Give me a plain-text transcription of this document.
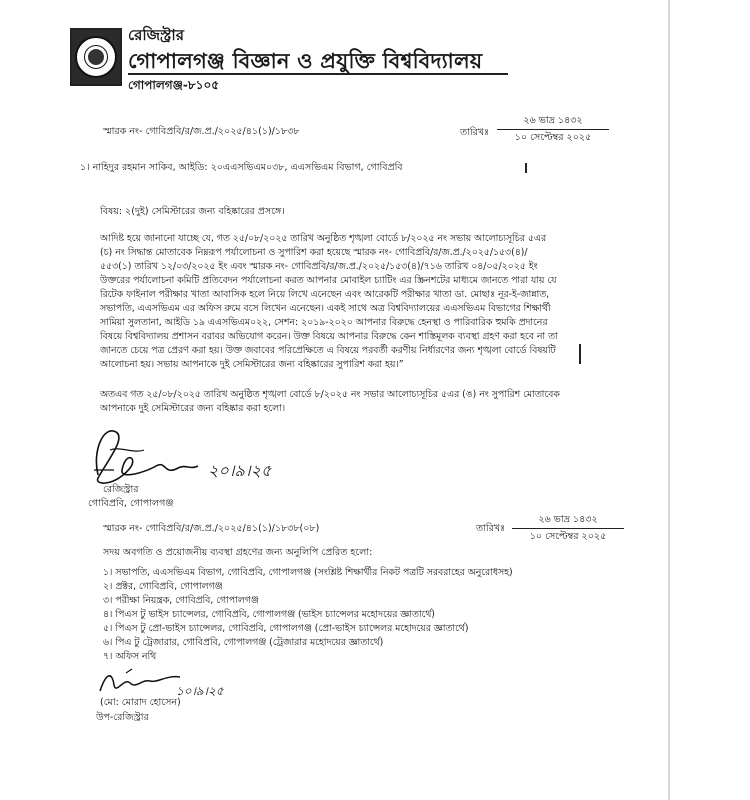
রেজিস্ট্রার
গোপালগঞ্জ বিজ্ঞান ও প্রযুক্তি বিশ্ববিদ্যালয়
গোপালগঞ্জ-৮১০৫
স্মারক নং- গোবিপ্রবি/র/জ.প্র./২০২৫/৪১(১)/১৮৩৮	তারিখঃ
২৬ ভাদ্র ১৪৩২
১০ সেপ্টেম্বর ২০২৫
১। নাহিদুর রহমান সাকিব, আইডি: ২০এএসভিএম০৩৮, এএসভিএম বিভাগ, গোবিপ্রবি
বিষয়: ২(দুই) সেমিস্টারের জন্য বহিষ্কারের প্রসঙ্গে।
আদিষ্ট হয়ে জানানো যাচ্ছে যে, গত ২৫/০৮/২০২৫ তারিখ অনুষ্ঠিত শৃঙ্খলা বোর্ডে ৮/২০২৫ নং সভায় আলোচ্যসূচির ৫এর
(চ) নং সিদ্ধান্ত মোতাবেক নিম্নরূপ পর্যালোচনা ও সুপারিশ করা হয়েছে স্মারক নং- গোবিপ্রবি/র/জ.প্র./২০২৫/১৫৩(৪)/
৫৫৩(১) তারিখ ১২/০৩/২০২৫ ইং এবং স্মারক নং- গোবিপ্রবি/র/জ.প্র./২০২৫/১৫৩(৪)/৭১৬ তারিখ ০৪/০৫/২০২৫ ইং
উক্তরের পর্যালোচনা কমিটি প্রতিবেদন পর্যালোচনা করত আপনার মোবাইল চ্যাটিং এর স্ক্রিনশটের মাধ্যমে জানতে পারা যায় যে
রিটেক ফাইনাল পরীক্ষার খাতা আবাসিক হলে নিয়ে লিখে এনেছেন এবং আরেকটি পরীক্ষার খাতা ডা. মোছাঃ নূর-ই-জান্নাত,
সভাপতি, এএসভিএম এর অফিস রুমে বসে লিখেন এনেছেন। একই সাথে অত্র বিশ্ববিদ্যালয়ের এএসভিএম বিভাগের শিক্ষার্থী
সামিয়া সুলতানা, আইডি ১৯ এএসভিএম০২২, সেশন: ২০১৯-২০২০ আপনার বিরুদ্ধে হেনস্থা ও পারিবারিক হুমকি প্রদানের
বিষয়ে বিশ্ববিদ্যালয় প্রশাসন বরাবর অভিযোগ করেন। উক্ত বিষয়ে আপনার বিরুদ্ধে কেন শাস্তিমূলক ব্যবস্থা গ্রহণ করা হবে না তা
জানতে চেয়ে পত্র প্রেরণ করা হয়। উক্ত জবাবের পরিপ্রেক্ষিতে এ বিষয়ে পরবর্তী করণীয় নির্ধারণের জন্য শৃঙ্খলা বোর্ডে বিষয়টি
আলোচনা হয়। সভায় আপনাকে দুই সেমিস্টারের জন্য বহিষ্কারের সুপারিশ করা হয়।”
অতএব গত ২৫/০৮/২০২৫ তারিখ অনুষ্ঠিত শৃঙ্খলা বোর্ডে ৮/২০২৫ নং সভার আলোচ্যসূচির ৫এর (ঙ) নং সুপারিশ মোতাবেক
আপনাকে দুই সেমিস্টারের জন্য বহিষ্কার করা হলো।
২০।৯।২৫
রেজিস্ট্রার
গোবিপ্রবি, গোপালগঞ্জ
স্মারক নং- গোবিপ্রবি/র/জ.প্র./২০২৫/৪১(১)/১৮৩৮(০৮)	তারিখঃ
২৬ ভাদ্র ১৪৩২
১০ সেপ্টেম্বর ২০২৫
সদয় অবগতি ও প্রয়োজনীয় ব্যবস্থা গ্রহণের জন্য অনুলিপি প্রেরিত হলো:
১। সভাপতি, এএসভিএম বিভাগ, গোবিপ্রবি, গোপালগঞ্জ (সংশ্লিষ্ট শিক্ষার্থীর নিকট পত্রটি সরবরাহের অনুরোধসহ)
২। প্রক্টর, গোবিপ্রবি, গোপালগঞ্জ
৩। পরীক্ষা নিয়ন্ত্রক, গোবিপ্রবি, গোপালগঞ্জ
৪। পিএস টু ভাইস চ্যান্সেলর, গোবিপ্রবি, গোপালগঞ্জ (ভাইস চ্যান্সেলর মহোদয়ের জ্ঞাতার্থে)
৫। পিএস টু প্রো-ভাইস চ্যান্সেলর, গোবিপ্রবি, গোপালগঞ্জ (প্রো-ভাইস চ্যান্সেলর মহোদয়ের জ্ঞাতার্থে)
৬। পিএ টু ট্রেজারার, গোবিপ্রবি, গোপালগঞ্জ (ট্রেজারার মহোদয়ের জ্ঞাতার্থে)
৭। অফিস নথি
১০।৯।২৫
(মো: মোরাদ হোসেন)
উপ-রেজিস্ট্রার
